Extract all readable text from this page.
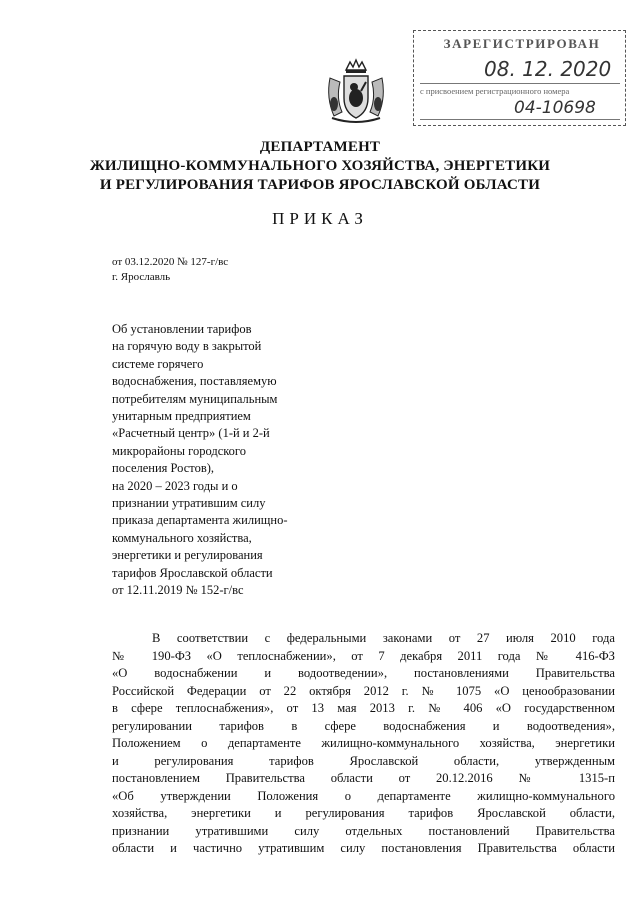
ЗАРЕГИСТРИРОВАН
08. 12. 2020
с присвоением регистрационного номера
04-10698
ДЕПАРТАМЕНТ
ЖИЛИЩНО-КОММУНАЛЬНОГО ХОЗЯЙСТВА, ЭНЕРГЕТИКИ
И РЕГУЛИРОВАНИЯ ТАРИФОВ ЯРОСЛАВСКОЙ ОБЛАСТИ
ПРИКАЗ
от 03.12.2020 № 127-г/вс
г. Ярославль
Об установлении тарифов
на горячую воду в закрытой
системе горячего
водоснабжения, поставляемую
потребителям муниципальным
унитарным предприятием
«Расчетный центр» (1-й и 2-й
микрорайоны городского
поселения Ростов),
на 2020 – 2023 годы и о
признании утратившим силу
приказа департамента жилищно-
коммунального хозяйства,
энергетики и регулирования
тарифов Ярославской области
от 12.11.2019 № 152-г/вс
В соответствии с федеральными законами от 27 июля 2010 года
№ 190-ФЗ «О теплоснабжении», от 7 декабря 2011 года № 416-ФЗ
«О водоснабжении и водоотведении», постановлениями Правительства
Российской Федерации от 22 октября 2012 г. № 1075 «О ценообразовании
в сфере теплоснабжения», от 13 мая 2013 г. № 406 «О государственном
регулировании тарифов в сфере водоснабжения и водоотведения»,
Положением о департаменте жилищно-коммунального хозяйства, энергетики
и регулирования тарифов Ярославской области, утвержденным
постановлением Правительства области от 20.12.2016 № 1315-п
«Об утверждении Положения о департаменте жилищно-коммунального
хозяйства, энергетики и регулирования тарифов Ярославской области,
признании утратившими силу отдельных постановлений Правительства
области и частично утратившим силу постановления Правительства области
